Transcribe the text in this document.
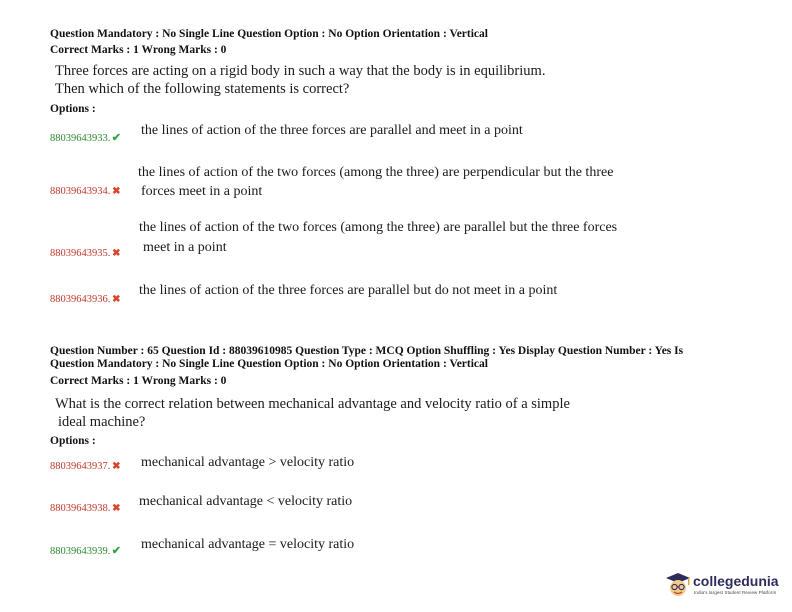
Question Mandatory : No Single Line Question Option : No Option Orientation : Vertical
Correct Marks : 1 Wrong Marks : 0
Three forces are acting on a rigid body in such a way that the body is in equilibrium.
Then which of the following statements is correct?
Options :
88039643933.✔ the lines of action of the three forces are parallel and meet in a point
the lines of action of the two forces (among the three) are perpendicular but the three
88039643934. ✖ forces meet in a point
the lines of action of the two forces (among the three) are parallel but the three forces
meet in a point
88039643935. ✖
the lines of action of the three forces are parallel but do not meet in a point
88039643936. ✖
Question Number : 65 Question Id : 88039610985 Question Type : MCQ Option Shuffling : Yes Display Question Number : Yes Is
Question Mandatory : No Single Line Question Option : No Option Orientation : Vertical
Correct Marks : 1 Wrong Marks : 0
What is the correct relation between mechanical advantage and velocity ratio of a simple
ideal machine?
Options :
mechanical advantage > velocity ratio
88039643937. ✖
mechanical advantage < velocity ratio
88039643938. ✖
mechanical advantage = velocity ratio
88039643939.✔
collegedunia
India's largest Student Review Platform
